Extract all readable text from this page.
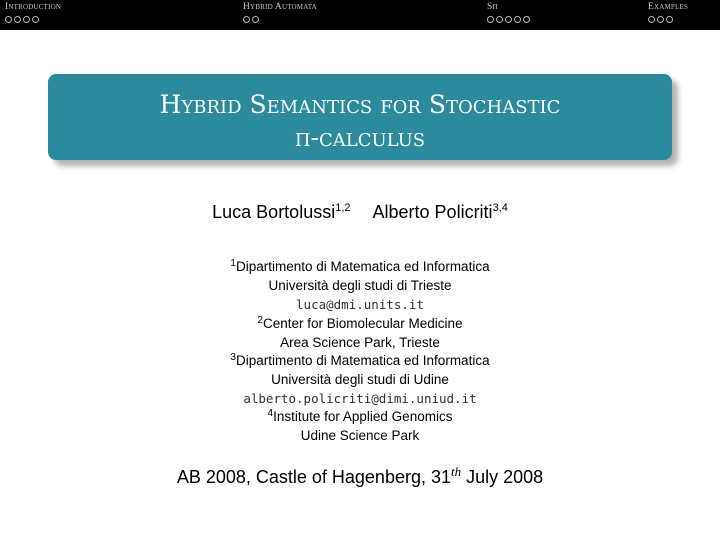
Introduction	Hybrid Automata	Sπ	Examples
Hybrid Semantics for Stochastic
π-calculus
Luca Bortolussi$^{1,2}$ Alberto Policriti$^{3,4}$
$^1$Dipartimento di Matematica ed Informatica
Università degli studi di Trieste
luca@dmi.units.it
$^2$Center for Biomolecular Medicine
Area Science Park, Trieste
$^3$Dipartimento di Matematica ed Informatica
Università degli studi di Udine
alberto.policriti@dimi.uniud.it
$^4$Institute for Applied Genomics
Udine Science Park
AB 2008, Castle of Hagenberg, 31th July 2008
